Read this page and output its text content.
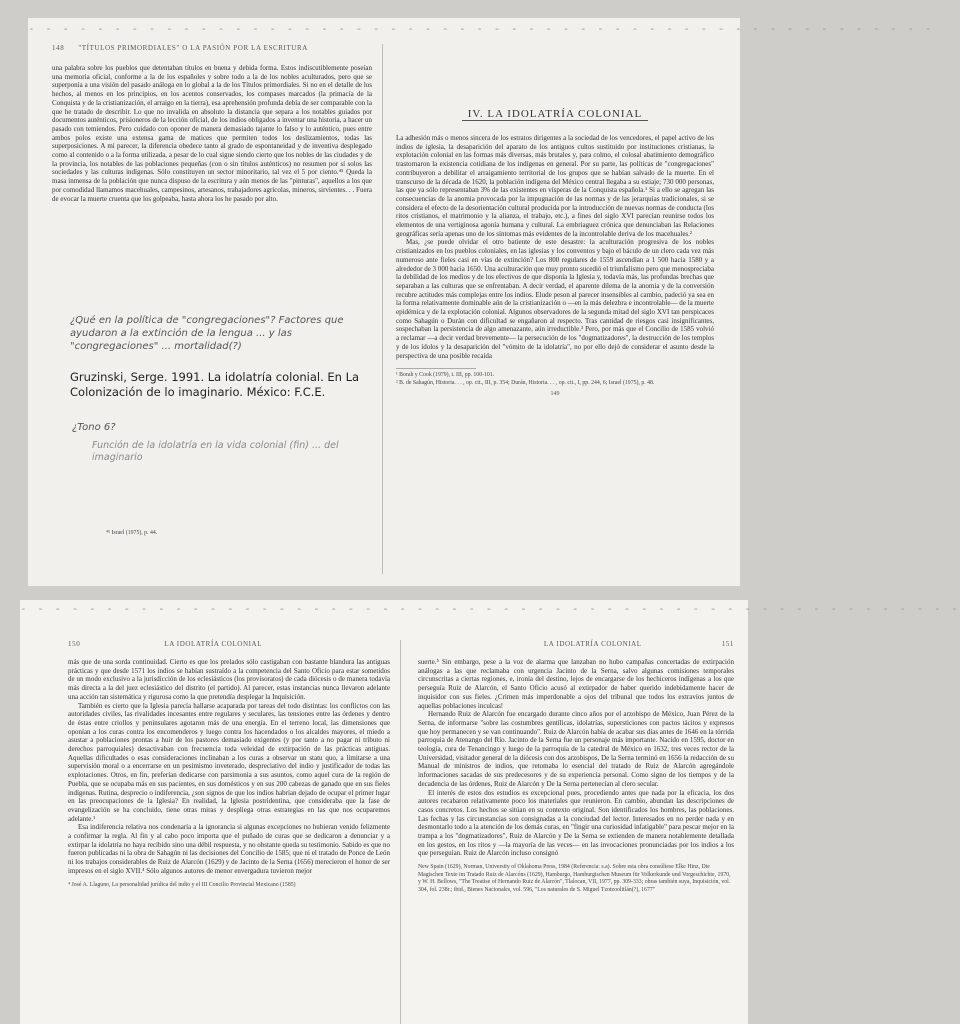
- - - - - - - - - - - - - - - - - - - - - - - - - - - - - - - - - - - - - - - - - - - - - - - - - - - - -
148 "TÍTULOS PRIMORDIALES" O LA PASIÓN POR LA ESCRITURA

una palabra sobre los pueblos que detentaban títulos en buena y debida forma. Estos indiscutiblemente poseían una memoria oficial, conforme a la de los españoles y sobre todo a la de los nobles aculturados, pero que se superponía a una visión del pasado análoga en lo global a la de los Títulos primordiales. Si no en el detalle de los hechos, al menos en los principios, en los acentos conservados, los compases marcados (la primacía de la Conquista y de la cristianización, el arraigo en la tierra), esa aprehensión profunda debía de ser comparable con la que he tratado de describir. Lo que no invalida en absoluto la distancia que separa a los notables guiados por documentos auténticos, prisioneros de la lección oficial, de los indios obligados a inventar una historia, a hacer un pasado con temiendos. Pero cuidado con oponer de manera demasiado tajante lo falso y lo auténtico, pues entre ambos polos existe una extensa gama de matices que permiten todos los deslizamientos, todas las superposiciones. A mi parecer, la diferencia obedece tanto al grado de espontaneidad y de inventiva desplegado como al contenido o a la forma utilizada, a pesar de lo cual sigue siendo cierto que los nobles de las ciudades y de la provincia, los notables de las poblaciones pequeñas (con o sin títulos auténticos) no resumen por sí solos las sociedades y las culturas indígenas. Sólo constituyen un sector minoritario, tal vez el 5 por ciento.⁴⁵ Queda la masa inmensa de la población que nunca dispuso de la escritura y aún menos de las "pinturas", aquellos a los que por comodidad llamamos macehuales, campesinos, artesanos, trabajadores agrícolas, mineros, sirvientes. . . Fuera de evocar la muerte cruenta que los golpeaba, hasta ahora los he pasado por alto.

¿Qué en la política de "congregaciones"? Factores que ayudaron a la extinción de la lengua ... y las "congregaciones" ... mortalidad(?)
Gruzinski, Serge. 1991. La idolatría colonial. En La Colonización de lo imaginario. México: F.C.E.
¿Tono 6?
Función de la idolatría en la vida colonial (fin) ... del imaginario
⁴⁵ Israel (1975), p. 44.
IV. LA IDOLATRÍA COLONIAL

La adhesión más o menos sincera de los estratos dirigentes a la sociedad de los vencedores, el papel activo de los indios de iglesia, la desaparición del aparato de los antiguos cultos sustituido por instituciones cristianas, la explotación colonial en las formas más diversas, más brutales y, para colmo, el colosal abatimiento demográfico trastornaron la existencia cotidiana de los indígenas en general. Por su parte, las políticas de "congregaciones" contribuyeron a debilitar el arraigamiento territorial de los grupos que se habían salvado de la muerte. En el transcurso de la década de 1620, la población indígena del México central llegaba a su estiaje; 730 000 personas, las que ya sólo representaban 3% de las existentes en vísperas de la Conquista española.¹ Si a ello se agregan las consecuencias de la anomia provocada por la impugnación de las normas y de las jerarquías tradicionales, si se considera el efecto de la desorientación cultural producida por la introducción de nuevas normas de conducta (los ritos cristianos, el matrimonio y la alianza, el trabajo, etc.), a fines del siglo XVI parecían reunirse todos los elementos de una vertiginosa agonía humana y cultural. La embriaguez crónica que denunciaban las Relaciones geográficas sería apenas uno de los síntomas más evidentes de la incontrolable deriva de los macehuales.²

Mas, ¿se puede olvidar el otro batiente de este desastre: la aculturación progresiva de los nobles cristianizados en los pueblos coloniales, en las iglesias y los conventos y bajo el báculo de un clero cada vez más numeroso ante fieles casi en vías de extinción? Los 800 regulares de 1559 ascendían a 1 500 hacia 1580 y a alrededor de 3 000 hacia 1650. Una aculturación que muy pronto sucedió el triunfalismo pero que menospreciaba la debilidad de los medios y de los efectivos de que disponía la Iglesia y, todavía más, las profundas brechas que separaban a las culturas que se enfrentaban. A decir verdad, el aparente dilema de la anomia y de la conversión recubre actitudes más complejas entre los indios. Elude peson al parecer insensibles al cambio, padeció ya sea en la forma relativamente dominable aún de la cristianización o —en la más delezbra e incontrolable— de la muerte epidémica y de la explotación colonial. Algunos observadores de la segunda mitad del siglo XVI tan perspicaces como Sahagún o Durán con dificultad se engañaron al respecto. Tras cantidad de riesgos casi insignificantes, sospechaban la persistencia de algo amenazante, aún irreductible.³ Pero, por más que el Concilio de 1585 volvió a reclamar —a decir verdad brevemente— la persecución de los "dogmatizadores", la destrucción de los templos y de los ídolos y la desaparición del "vómito de la idolatría", no por ello dejó de considerar el asunto desde la perspectiva de una posible recaída

¹ Borah y Cook (1979), t. III, pp. 100-101.
² B. de Sahagún, Historia. . . , op. cit., III, p. 354; Durán, Historia. . . , op. cit., I, pp. 244, 6; Israel (1975), p. 48.
149
- - - - - - - - - - - - - - - - - - - - - - - - - - - - - - - - - - - - - - - - - - - - - - - - - - - - - - -
150	LA IDOLATRÍA COLONIAL

más que de una sorda continuidad. Cierto es que los prelados sólo castigaban con bastante blandura las antiguas prácticas y que desde 1571 los indios se habían sustraído a la competencia del Santo Oficio para estar sometidos de un modo exclusivo a la jurisdicción de los eclesiásticos (los provisoratos) de cada diócesis o de manera todavía más directa a la del juez eclesiástico del distrito (el partido). Al parecer, estas instancias nunca llevaron adelante una acción tan sistemática y rigurosa como la que pretendía desplegar la Inquisición.

También es cierto que la Iglesia parecía hallarse acaparada por tareas del todo distintas: los conflictos con las autoridades civiles, las rivalidades incesantes entre regulares y seculares, las tensiones entre las órdenes y dentro de éstas entre criollos y peninsulares agotaron más de una energía. En el terreno local, las dimensiones que oponían a los curas contra los encomenderos y luego contra los hacendados o los alcaldes mayores, el miedo a asustar a poblaciones prontas a huir de los pastores demasiado exigentes (y por tanto a no pagar ni tributo ni derechos parroquiales) desactivaban con frecuencia toda veleidad de extirpación de las prácticas antiguas. Aquellas dificultades o esas consideraciones inclinaban a los curas a observar un statu quo, a limitarse a una supervisión moral o a encerrarse en un pesimismo inveterado, despreciativo del indio y justificador de todas las explotaciones. Otros, en fin, preferían dedicarse con parsimonia a sus asuntos, como aquel cura de la región de Puebla, que se ocupaba más en sus pacientes, en sus domésticos y en sus 200 cabezas de ganado que en sus fieles indígenas. Rutina, desprecio o indiferencia, ¿son signos de que los indios habrían dejado de ocupar el primer lugar en las preocupaciones de la Iglesia? En realidad, la Iglesia postridentina, que consideraba que la fase de evangelización se ha concluido, tiene otras miras y despliega otras estrategias en las que nos ocuparemos adelante.¹

Esa indiferencia relativa nos condenaría a la ignorancia si algunas excepciones no hubieran venido felizmente a confirmar la regla. Al fin y al cabo poco importa que el puñado de curas que se dedicaron a denunciar y a extirpar la idolatría no haya recibido sino una débil respuesta, y no obstante queda su testimonio. Sabido es que no fueron publicadas ni la obra de Sahagún ni las decisiones del Concilio de 1585; que ni el tratado de Ponce de León ni los trabajos considerables de Ruiz de Alarcón (1629) y de Jacinto de la Serna (1656) merecieron el honor de ser impresos en el siglo XVII.⁴ Sólo algunos autores de menor envergadura tuvieron mejor

⁴ José A. Llaguno, La personalidad jurídica del indio y el III Concilio Provincial Mexicano (1585)
LA IDOLATRÍA COLONIAL	151

suerte.⁵ Sin embargo, pese a la voz de alarma que lanzaban no hubo campañas concertadas de extirpación análogas a las que reclamaba con urgencia Jacinto de la Serna, salvo algunas comisiones temporales circunscritas a ciertas regiones, e, ironía del destino, lejos de encargarse de los hechiceros indígenas a los que perseguía Ruiz de Alarcón, el Santo Oficio acusó al extirpador de haber querido indebidamente hacer de inquisidor con sus fieles. ¿Crimen más imperdonable a ojos del tribunal que todos los extravíos juntos de aquellas poblaciones inculcas!

Hernando Ruiz de Alarcón fue encargado durante cinco años por el arzobispo de México, Juan Pérez de la Serna, de informarse "sobre las costumbres gentílicas, idolatrías, supersticiones con pactos tácitos y expresos que hoy permanecen y se van continuando". Ruiz de Alarcón había de acabar sus días antes de 1646 en la tórrida parroquia de Atenango del Río. Jacinto de la Serna fue un personaje más importante. Nacido en 1595, doctor en teología, cura de Tenancingo y luego de la parroquia de la catedral de México en 1632, tres veces rector de la Universidad, visitador general de la diócesis con dos arzobispos, De la Serna terminó en 1656 la redacción de su Manual de ministros de indios, que retomaba lo esencial del tratado de Ruiz de Alarcón agregándole informaciones sacadas de sus predecesores y de su experiencia personal. Como signo de los tiempos y de la decadencia de las órdenes, Ruiz de Alarcón y De la Serna pertenecían al clero secular.

El interés de estos dos estudios es excepcional pues, procediendo antes que nada por la eficacia, los dos autores recabaron relativamente poco los materiales que reunieron. En cambio, abundan las descripciones de casos concretos. Los hechos se sitúan en su contexto original. Son identificados los hombres, las poblaciones. Las fechas y las circunstancias son consignadas a la conciudad del lector. Interesados en no perder nada y en desmontarlo todo a la atención de los demás curas, en "fingir una curiosidad infatigable" para pescar mejor en la trampa a los "dogmatizadores", Ruiz de Alarcón y De la Serna se extienden de manera notablemente detallada en los gestos, en los ritos y —la mayoría de las veces— en las invocaciones pronunciadas por los indios a los que perseguían. Ruiz de Alarcón incluso consignó

New Spain (1629), Norman, University of Oklahoma Press, 1984 (Referencia: s.a). Sobre esta obra consúltese Elke Hinz, Die Magischen Texte im Tratado Ruiz de Alarcóns (1629), Hamburgo, Hamburgischen Museum für Volkerkunde und Vorgeschichte, 1970, y W. H. Bellows, "The Treatise of Hernando Ruiz de Alarcón", Tlalocan, VII, 1977, pp. 309-333; obras también suya, Inquisición, vol. 304, fol. 238r.; ibid., Bienes Nacionales, vol. 596, "Los naturales de S. Miguel Tzotzoolitlán(?), 1677"
